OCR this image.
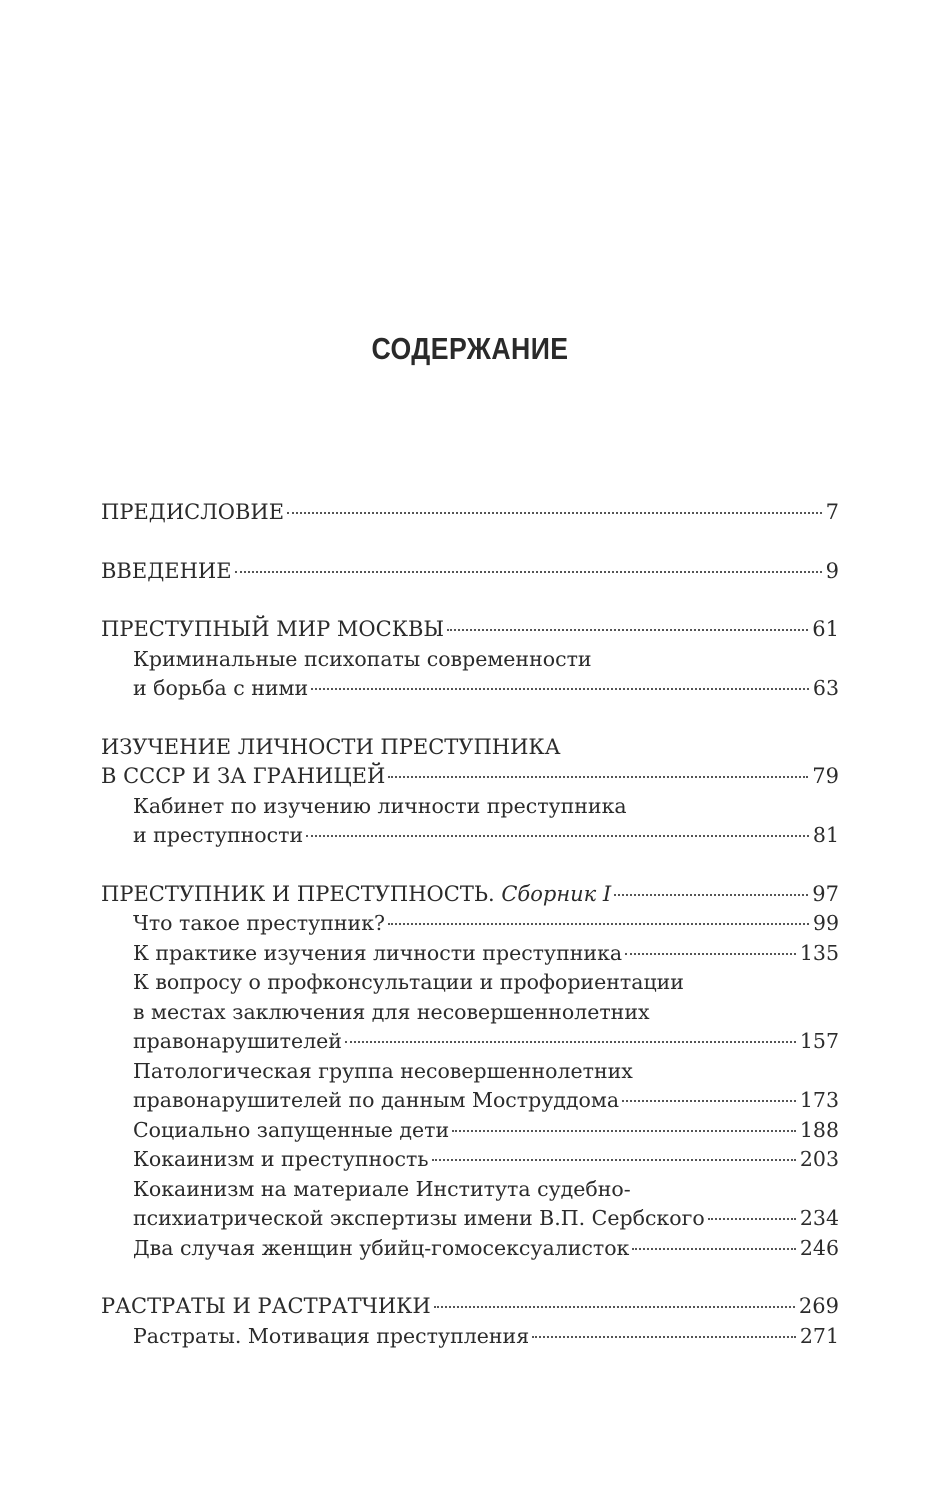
СОДЕРЖАНИЕ
ПРЕДИСЛОВИЕ	7
ВВЕДЕНИЕ	9
ПРЕСТУПНЫЙ МИР МОСКВЫ	61
Криминальные психопаты современности
и борьба с ними	63
ИЗУЧЕНИЕ ЛИЧНОСТИ ПРЕСТУПНИКА
В СССР И ЗА ГРАНИЦЕЙ	79
Кабинет по изучению личности преступника
и преступности	81
ПРЕСТУПНИК И ПРЕСТУПНОСТЬ. Сборник I	97
Что такое преступник?	99
К практике изучения личности преступника	135
К вопросу о профконсультации и профориентации
в местах заключения для несовершеннолетних
правонарушителей	157
Патологическая группа несовершеннолетних
правонарушителей по данным Моструддома	173
Социально запущенные дети	188
Кокаинизм и преступность	203
Кокаинизм на материале Института судебно-
психиатрической экспертизы имени В.П. Сербского	234
Два случая женщин убийц-гомосексуалисток	246
РАСТРАТЫ И РАСТРАТЧИКИ	269
Растраты. Мотивация преступления	271
